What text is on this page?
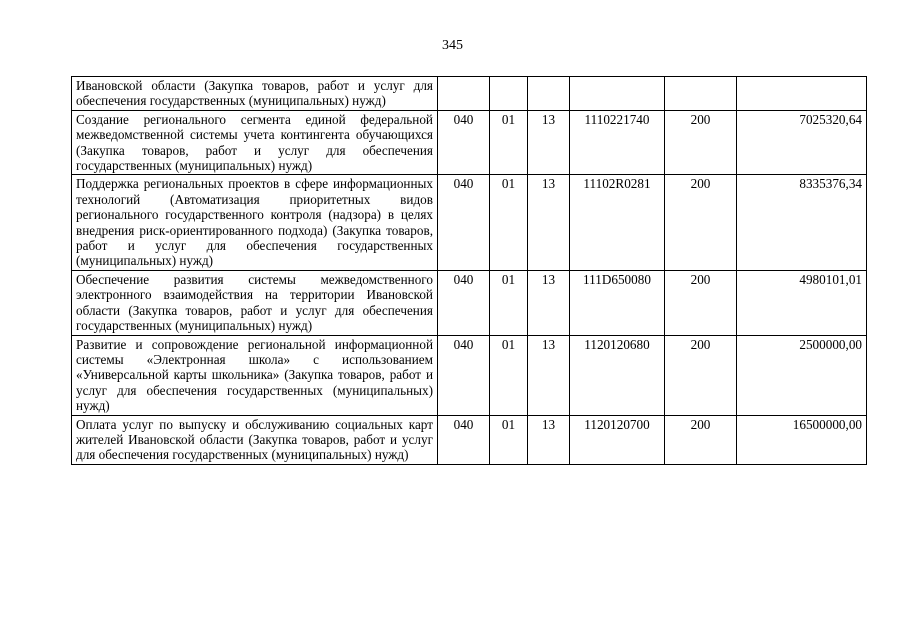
345
Ивановской области (Закупка товаров, работ и услуг для обеспечения государственных (муниципальных) нужд)						
Создание регионального сегмента единой федеральной межведомственной системы учета контингента обучающихся (Закупка товаров, работ и услуг для обеспечения государственных (муниципальных) нужд)	040	01	13	1110221740	200	7025320,64
Поддержка региональных проектов в сфере информационных технологий (Автоматизация приоритетных видов регионального государственного контроля (надзора) в целях внедрения риск-ориентированного подхода) (Закупка товаров, работ и услуг для обеспечения государственных (муниципальных) нужд)	040	01	13	11102R0281	200	8335376,34
Обеспечение развития системы межведомственного электронного взаимодействия на территории Ивановской области (Закупка товаров, работ и услуг для обеспечения государственных (муниципальных) нужд)	040	01	13	111D650080	200	4980101,01
Развитие и сопровождение региональной информационной системы «Электронная школа» с использованием «Универсальной карты школьника» (Закупка товаров, работ и услуг для обеспечения государственных (муниципальных) нужд)	040	01	13	1120120680	200	2500000,00
Оплата услуг по выпуску и обслуживанию социальных карт жителей Ивановской области (Закупка товаров, работ и услуг для обеспечения государственных (муниципальных) нужд)	040	01	13	1120120700	200	16500000,00
